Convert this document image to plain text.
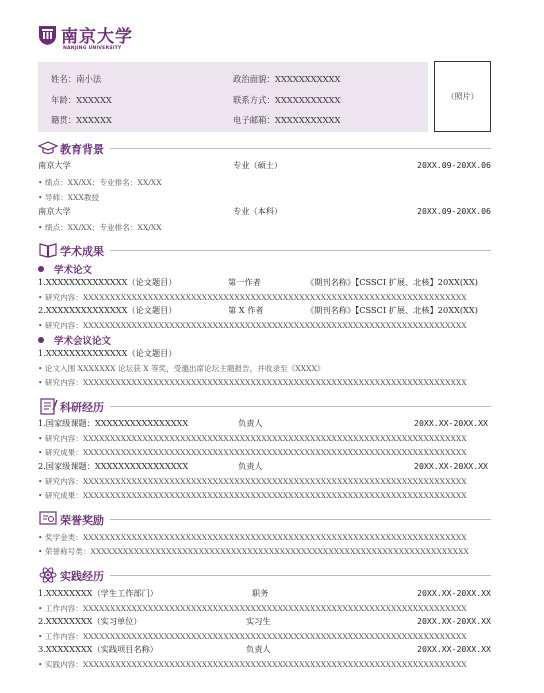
南京大学
NANJING UNIVERSITY
姓名：南小法	政治面貌：XXXXXXXXXXX
年龄：XXXXXX	联系方式：XXXXXXXXXXX
籍贯：XXXXXX	电子邮箱：XXXXXXXXXXX
（照片）
教育背景
南京大学	专业（硕士）	20XX.09-20XX.06
• 绩点：XX/XX；专业排名：XX/XX
• 导师：XXX教授
南京大学	专业（本科）	20XX.09-20XX.06
• 绩点：XX/XX；专业排名：XX/XX
学术成果
学术论文
1.XXXXXXXXXXXXXX（论文题目）	第一作者	《期刊名称》【CSSCI 扩展、北核】20XX(XX)
• 研究内容：XXXXXXXXXXXXXXXXXXXXXXXXXXXXXXXXXXXXXXXXXXXXXXXXXXXXXXXXXXXXXXXXXXXXXXX
2.XXXXXXXXXXXXXX（论文题目）	第 X 作者	《期刊名称》【CSSCI 扩展、北核】20XX(XX)
• 研究内容：XXXXXXXXXXXXXXXXXXXXXXXXXXXXXXXXXXXXXXXXXXXXXXXXXXXXXXXXXXXXXXXXXXXXXXX
学术会议论文
1.XXXXXXXXXXXXXX（论文题目）
• 论文入围 XXXXXXX 论坛获 X 等奖，受邀出席论坛主题报告，并收录至《XXXX》
• 研究内容：XXXXXXXXXXXXXXXXXXXXXXXXXXXXXXXXXXXXXXXXXXXXXXXXXXXXXXXXXXXXXXXXXXXXXXX
科研经历
1.国家级课题：XXXXXXXXXXXXXXXX	负责人	20XX.XX-20XX.XX
• 研究内容：XXXXXXXXXXXXXXXXXXXXXXXXXXXXXXXXXXXXXXXXXXXXXXXXXXXXXXXXXXXXXXXXXXXXXXX
• 研究成果：XXXXXXXXXXXXXXXXXXXXXXXXXXXXXXXXXXXXXXXXXXXXXXXXXXXXXXXXXXXXXXXXXXXXXXX
2.国家级课题：XXXXXXXXXXXXXXXX	负责人	20XX.XX-20XX.XX
• 研究内容：XXXXXXXXXXXXXXXXXXXXXXXXXXXXXXXXXXXXXXXXXXXXXXXXXXXXXXXXXXXXXXXXXXXXXXX
• 研究成果：XXXXXXXXXXXXXXXXXXXXXXXXXXXXXXXXXXXXXXXXXXXXXXXXXXXXXXXXXXXXXXXXXXXXXXX
荣誉奖励
• 奖学金类：XXXXXXXXXXXXXXXXXXXXXXXXXXXXXXXXXXXXXXXXXXXXXXXXXXXXXXXXXXXXXXXXXXXXXXX
• 荣誉称号类：XXXXXXXXXXXXXXXXXXXXXXXXXXXXXXXXXXXXXXXXXXXXXXXXXXXXXXXXXXXXXXXXXXXXXX
实践经历
1.XXXXXXXX（学生工作部门）	职务	20XX.XX-20XX.XX
• 工作内容：XXXXXXXXXXXXXXXXXXXXXXXXXXXXXXXXXXXXXXXXXXXXXXXXXXXXXXXXXXXXXXXXXXXXXXX
2.XXXXXXXX（实习单位）	实习生	20XX.XX-20XX.XX
• 工作内容：XXXXXXXXXXXXXXXXXXXXXXXXXXXXXXXXXXXXXXXXXXXXXXXXXXXXXXXXXXXXXXXXXXXXXXX
3.XXXXXXXX（实践项目名称）	负责人	20XX.XX-20XX.XX
• 实践内容：XXXXXXXXXXXXXXXXXXXXXXXXXXXXXXXXXXXXXXXXXXXXXXXXXXXXXXXXXXXXXXXXXXXXXXX
